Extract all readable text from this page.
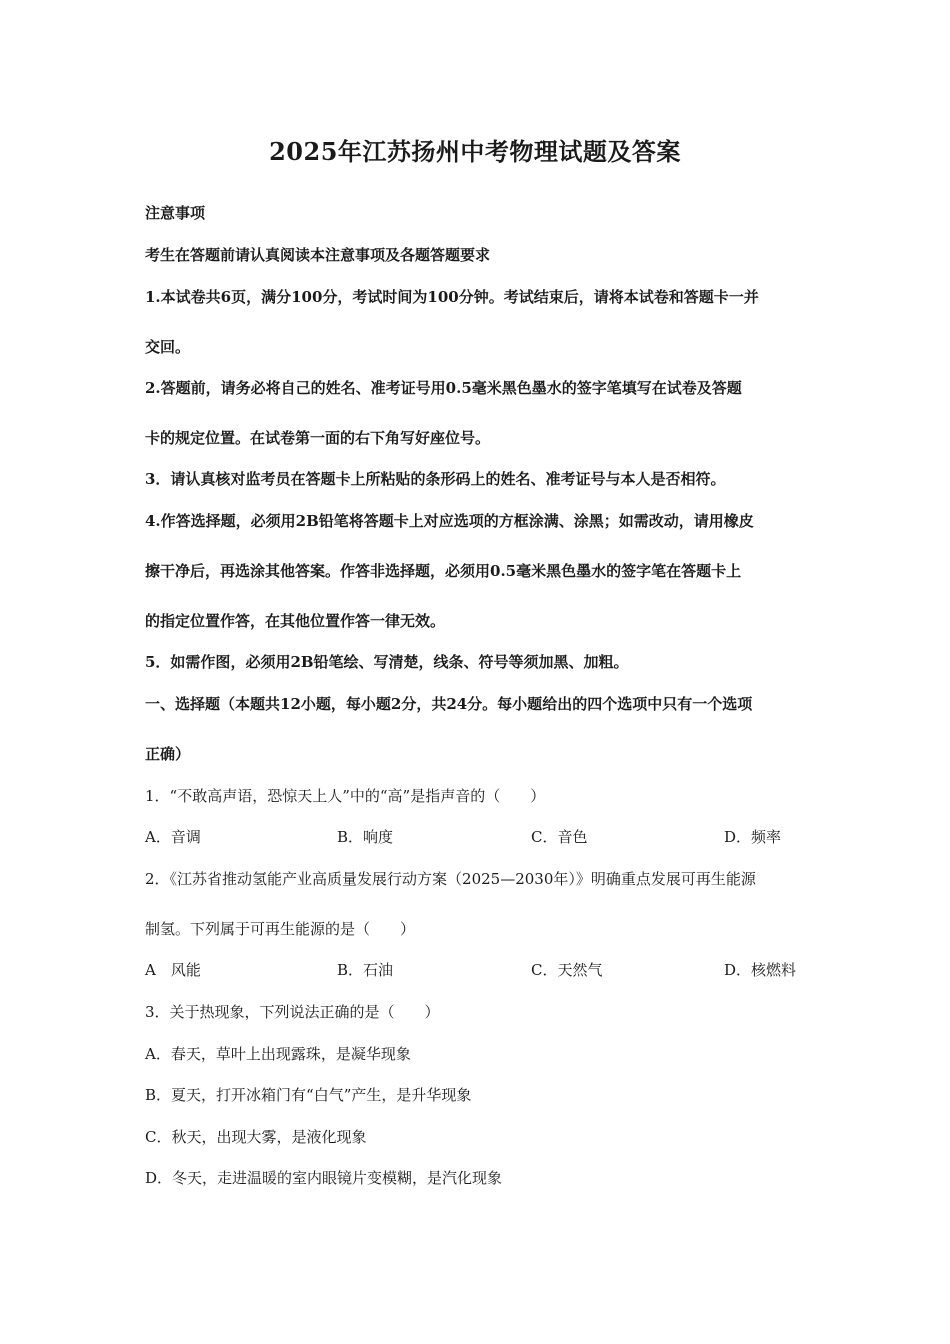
2025年江苏扬州中考物理试题及答案
注意事项
考生在答题前请认真阅读本注意事项及各题答题要求
1.本试卷共6页，满分100分，考试时间为100分钟。考试结束后，请将本试卷和答题卡一并
交回。
2.答题前，请务必将自己的姓名、准考证号用0.5毫米黑色墨水的签字笔填写在试卷及答题
卡的规定位置。在试卷第一面的右下角写好座位号。
3．请认真核对监考员在答题卡上所粘贴的条形码上的姓名、准考证号与本人是否相符。
4.作答选择题，必须用2B铅笔将答题卡上对应选项的方框涂满、涂黑；如需改动，请用橡皮
擦干净后，再选涂其他答案。作答非选择题，必须用0.5毫米黑色墨水的签字笔在答题卡上
的指定位置作答，在其他位置作答一律无效。
5．如需作图，必须用2B铅笔绘、写清楚，线条、符号等须加黑、加粗。
一、选择题（本题共12小题，每小题2分，共24分。每小题给出的四个选项中只有一个选项
正确）
1．“不敢高声语，恐惊天上人”中的“高”是指声音的（　　）
A．音调	B．响度	C．音色	D．频率
2．《江苏省推动氢能产业高质量发展行动方案（2025—2030年）》明确重点发展可再生能源
制氢。下列属于可再生能源的是（　　）
A　风能	B．石油	C．天然气	D．核燃料
3．关于热现象，下列说法正确的是（　　）
A．春天，草叶上出现露珠，是凝华现象
B．夏天，打开冰箱门有“白气”产生，是升华现象
C．秋天，出现大雾，是液化现象
D．冬天，走进温暖的室内眼镜片变模糊，是汽化现象
